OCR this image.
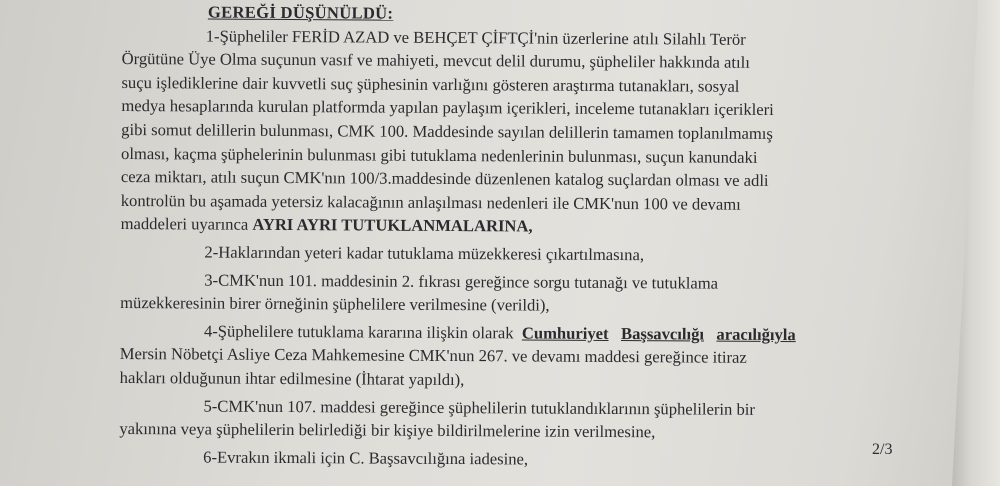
GEREĞİ DÜŞÜNÜLDÜ:
1-Şüpheliler FERİD AZAD ve BEHÇET ÇİFTÇİ'nin üzerlerine atılı Silahlı Terör
Örgütüne Üye Olma suçunun vasıf ve mahiyeti, mevcut delil durumu, şüpheliler hakkında atılı
suçu işlediklerine dair kuvvetli suç şüphesinin varlığını gösteren araştırma tutanakları, sosyal
medya hesaplarında kurulan platformda yapılan paylaşım içerikleri, inceleme tutanakları içerikleri
gibi somut delillerin bulunması, CMK 100. Maddesinde sayılan delillerin tamamen toplanılmamış
olması, kaçma şüphelerinin bulunması gibi tutuklama nedenlerinin bulunması, suçun kanundaki
ceza miktarı, atılı suçun CMK'nın 100/3.maddesinde düzenlenen katalog suçlardan olması ve adli
kontrolün bu aşamada yetersiz kalacağının anlaşılması nedenleri ile CMK'nun 100 ve devamı
maddeleri uyarınca
AYRI AYRI TUTUKLANMALARINA,
2-Haklarından yeteri kadar tutuklama müzekkeresi çıkartılmasına,
3-CMK'nun 101. maddesinin 2. fıkrası gereğince sorgu tutanağı ve tutuklama
müzekkeresinin birer örneğinin şüphelilere verilmesine (verildi),
4-Şüphelilere tutuklama kararına ilişkin olarak
Cumhuriyet
Başsavcılığı
aracılığıyla
Mersin Nöbetçi Asliye Ceza Mahkemesine CMK'nun 267. ve devamı maddesi gereğince itiraz
hakları olduğunun ihtar edilmesine (İhtarat yapıldı),
5-CMK'nun 107. maddesi gereğince şüphelilerin tutuklandıklarının şüphelilerin bir
yakınına veya şüphelilerin belirlediği bir kişiye bildirilmelerine izin verilmesine,
6-Evrakın ikmali için C. Başsavcılığına iadesine,	2/3
